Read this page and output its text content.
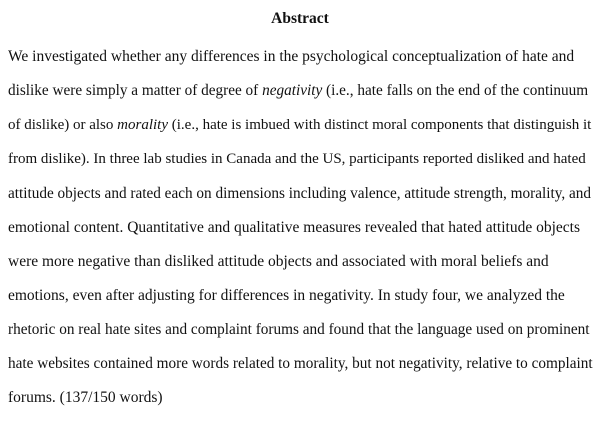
Abstract

We investigated whether any differences in the psychological conceptualization of hate and

dislike were simply a matter of degree of negativity (i.e., hate falls on the end of the continuum

of dislike) or also morality (i.e., hate is imbued with distinct moral components that distinguish it

from dislike). In three lab studies in Canada and the US, participants reported disliked and hated

attitude objects and rated each on dimensions including valence, attitude strength, morality, and

emotional content. Quantitative and qualitative measures revealed that hated attitude objects

were more negative than disliked attitude objects and associated with moral beliefs and

emotions, even after adjusting for differences in negativity. In study four, we analyzed the

rhetoric on real hate sites and complaint forums and found that the language used on prominent

hate websites contained more words related to morality, but not negativity, relative to complaint

forums. (137/150 words)
